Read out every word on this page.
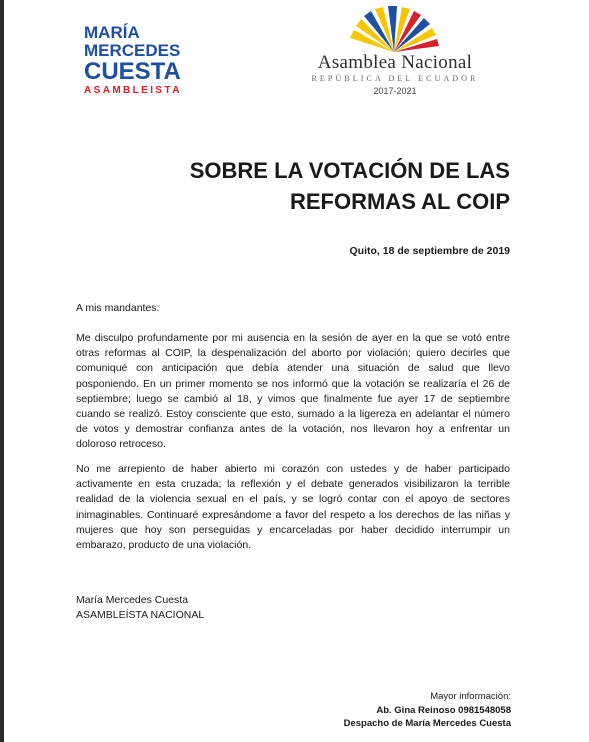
MARÍA
MERCEDES
CUESTA
ASAMBLEISTA
Asamblea Nacional
REPÚBLICA DEL ECUADOR
2017-2021
SOBRE LA VOTACIÓN DE LAS
REFORMAS AL COIP
Quito, 18 de septiembre de 2019
A mis mandantes:
Me disculpo profundamente por mi ausencia en la sesión de ayer en la que se votó entre otras reformas al COIP, la despenalización del aborto por violación; quiero decirles que comuniqué con anticipación que debía atender una situación de salud que llevo posponiendo. En un primer momento se nos informó que la votación se realizaría el 26 de septiembre; luego se cambió al 18, y vimos que finalmente fue ayer 17 de septiembre cuando se realizó. Estoy consciente que esto, sumado a la ligereza en adelantar el número de votos y demostrar confianza antes de la votación, nos llevaron hoy a enfrentar un doloroso retroceso.
No me arrepiento de haber abierto mi corazón con ustedes y de haber participado activamente en esta cruzada; la reflexión y el debate generados visibilizaron la terrible realidad de la violencia sexual en el país, y se logró contar con el apoyo de sectores inimaginables. Continuaré expresándome a favor del respeto a los derechos de las niñas y mujeres que hoy son perseguidas y encarceladas por haber decidido interrumpir un embarazo, producto de una violación.
María Mercedes Cuesta
ASAMBLEÍSTA NACIONAL
Mayor información:
Ab. Gina Reinoso 0981548058
Despacho de María Mercedes Cuesta
